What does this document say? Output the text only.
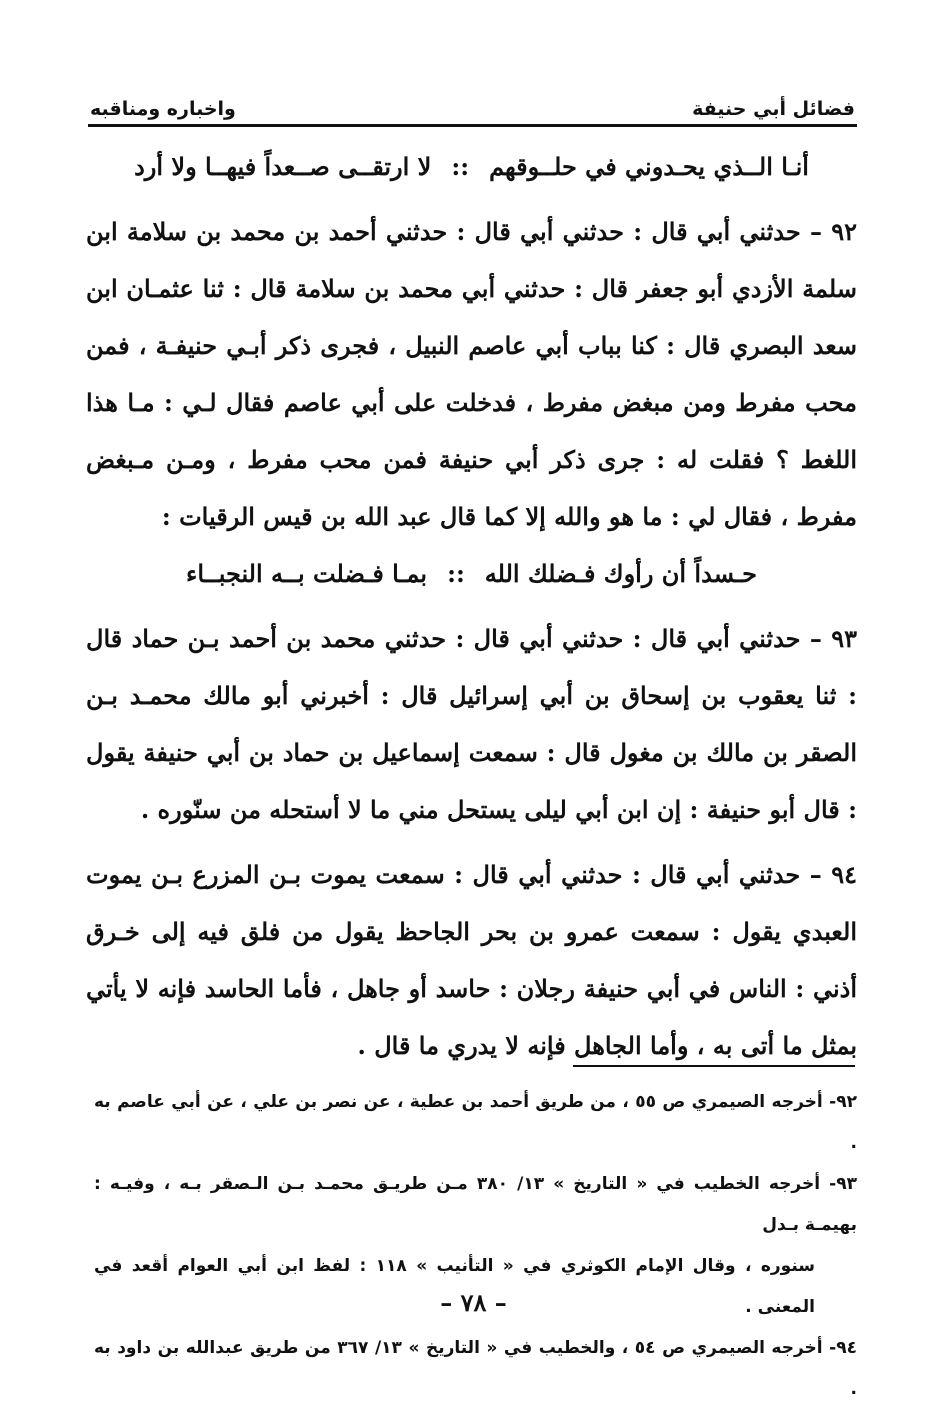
فضائل أبي حنيفة
واخباره ومناقبه
أنـا الــذي يحـدوني في حلــوقهم
::
لا ارتقــى صــعداً فيهــا ولا أرد

٩٢ – حدثني أبي قال : حدثني أبي قال : حدثني أحمد بن محمد بن سلامة ابن سلمة الأزدي أبو جعفر قال : حدثني أبي محمد بن سلامة قال : ثنا عثمـان ابن سعد البصري قال : كنا بباب أبي عاصم النبيل ، فجرى ذكر أبـي حنيفـة ، فمن محب مفرط ومن مبغض مفرط ، فدخلت على أبي عاصم فقال لـي : مـا هذا اللغط ؟ فقلت له : جرى ذكر أبي حنيفة فمن محب مفرط ، ومـن مـبغض مفرط ، فقال لي : ما هو والله إلا كما قال عبد الله بن قيس الرقيات :

حـسداً أن رأوك فـضلك الله
::
بمـا فـضلت بــه النجبــاء

٩٣ – حدثني أبي قال : حدثني أبي قال : حدثني محمد بن أحمد بـن حماد قال : ثنا يعقوب بن إسحاق بن أبي إسرائيل قال : أخبرني أبو مالك محمـد بـن الصقر بن مالك بن مغول قال : سمعت إسماعيل بن حماد بن أبي حنيفة يقول : قال أبو حنيفة : إن ابن أبي ليلى يستحل مني ما لا أستحله من سنّوره .

٩٤ – حدثني أبي قال : حدثني أبي قال : سمعت يموت بـن المزرع بـن يموت العبدي يقول : سمعت عمرو بن بحر الجاحظ يقول من فلق فيه إلى خـرق أذني : الناس في أبي حنيفة رجلان : حاسد أو جاهل ، فأما الحاسد فإنه لا يأتي بمثل ما أتى به ، وأما الجاهل فإنه لا يدري ما قال .

٩٢- أخرجه الصيمري ص ٥٥ ، من طريق أحمد بن عطية ، عن نصر بن علي ، عن أبي عاصم به .

٩٣- أخرجه الخطيب في « التاريخ » ١٣/ ٣٨٠ مـن طريـق محمـد بـن الـصقر بـه ، وفيـه : بهيمـة بـدل

سنوره ، وقال الإمام الكوثري في « التأنيب » ١١٨ : لفظ ابن أبي العوام أقعد في المعنى .

٩٤- أخرجه الصيمري ص ٥٤ ، والخطيب في « التاريخ » ١٣/ ٣٦٧ من طريق عبدالله بن داود به .

– ٧٨ –
